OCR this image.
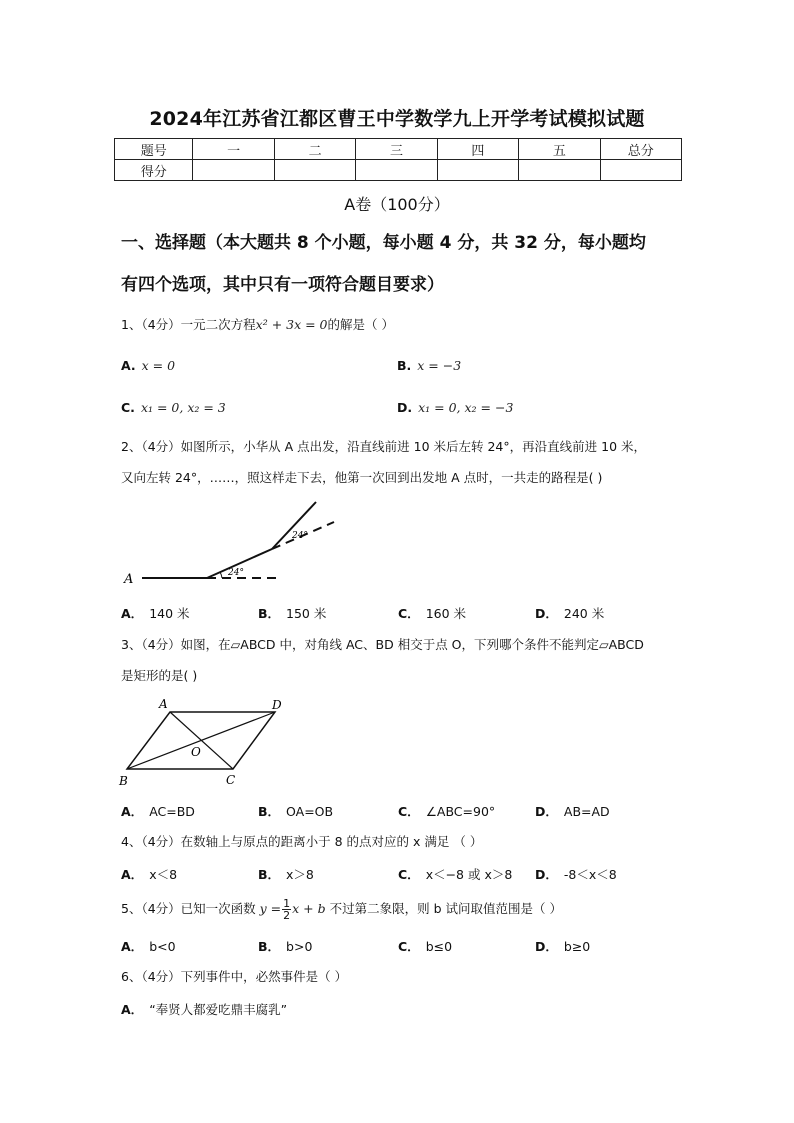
2024年江苏省江都区曹王中学数学九上开学考试模拟试题
题号	一	二	三	四	五	总分
得分						
A卷（100分）
一、选择题（本大题共 8 个小题，每小题 4 分，共 32 分，每小题均
有四个选项，其中只有一项符合题目要求）
1、（4分）一元二次方程x² + 3x = 0的解是（ ）
A. x = 0	B. x = −3
C. x₁ = 0, x₂ = 3	D. x₁ = 0, x₂ = −3
2、（4分）如图所示，小华从 A 点出发，沿直线前进 10 米后左转 24°，再沿直线前进 10 米，
又向左转 24°，……，照这样走下去，他第一次回到出发地 A 点时，一共走的路程是( )
A	24°
24°
A． 140 米	B． 150 米	C． 160 米	D． 240 米
3、（4分）如图，在▱ABCD 中，对角线 AC、BD 相交于点 O，下列哪个条件不能判定▱ABCD
是矩形的是( )
A	D
B	C
O
A． AC=BD	B． OA=OB	C． ∠ABC=90°	D． AB=AD
4、（4分）在数轴上与原点的距离小于 8 的点对应的 x 满足 （ ）
A． x＜8	B． x＞8	C． x＜−8 或 x＞8 D． -8＜x＜8
5、（4分）已知一次函数 $y = \frac{1}{2}$ x + b 不过第二象限，则 b 试问取值范围是（ ）
A． b<0	B． b>0	C． b≤0	D． b≥0
6、（4分）下列事件中，必然事件是（ ）
A． “奉贤人都爱吃鼎丰腐乳”
